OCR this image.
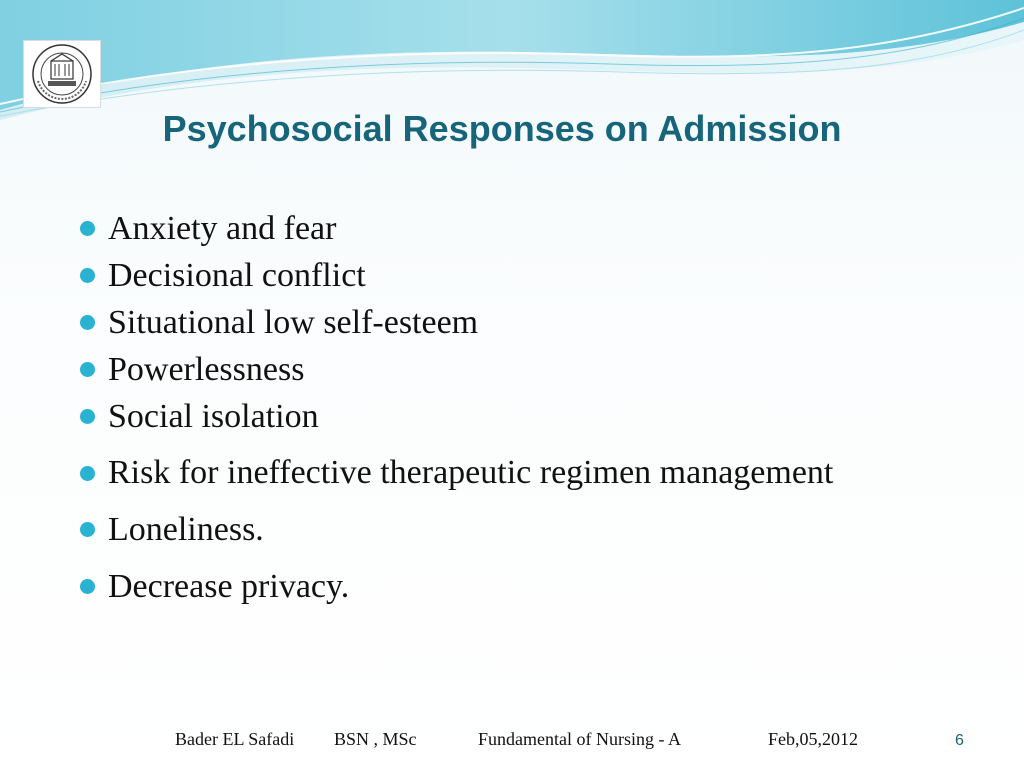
Psychosocial Responses on Admission
Anxiety and fear
Decisional conflict
Situational low self-esteem
Powerlessness
Social isolation
Risk for ineffective therapeutic regimen management
Loneliness.
Decrease privacy.
Bader EL Safadi BSN , MSc	Fundamental of Nursing - A	Feb,05,2012	6
